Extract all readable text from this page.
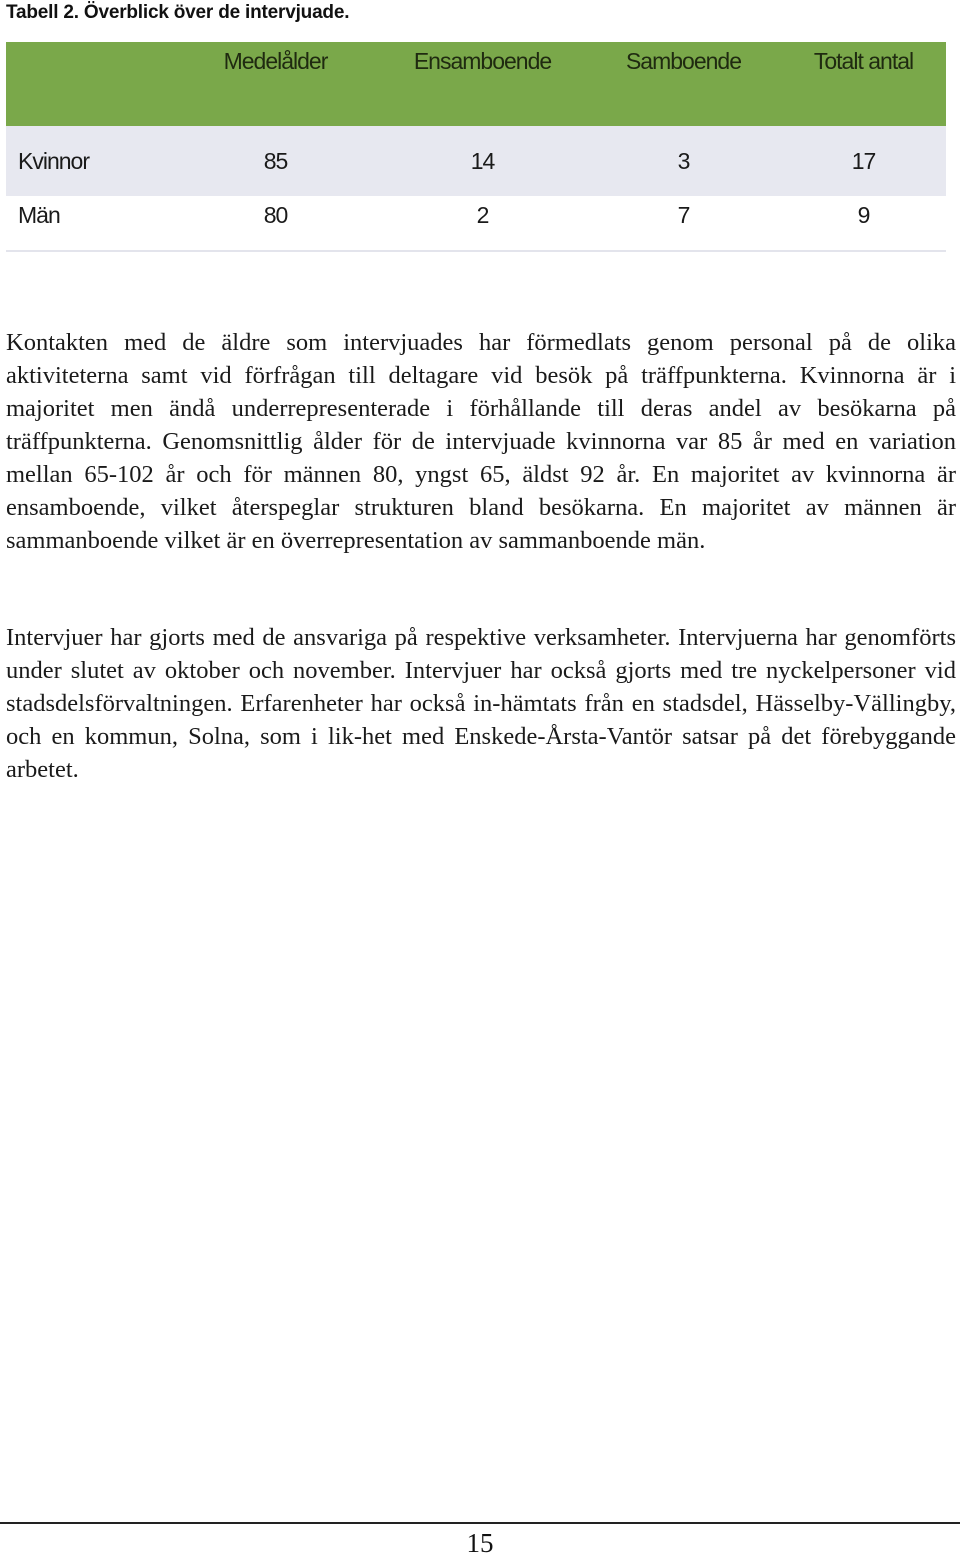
Tabell 2. Överblick över de intervjuade.
	Medelålder	Ensamboende	Samboende	Totalt antal
Kvinnor	85	14	3	17
Män	80	2	7	9

Kontakten med de äldre som intervjuades har förmedlats genom personal på de olika aktiviteterna samt vid förfrågan till deltagare vid besök på träffpunkterna. Kvinnorna är i majoritet men ändå underrepresenterade i förhållande till deras andel av besökarna på träffpunkterna. Genomsnittlig ålder för de intervjuade kvinnorna var 85 år med en variation mellan 65-102 år och för männen 80, yngst 65, äldst 92 år. En majoritet av kvinnorna är ensamboende, vilket återspeglar strukturen bland besökarna. En majoritet av männen är sammanboende vilket är en överrepresentation av sammanboende män.

Intervjuer har gjorts med de ansvariga på respektive verksamheter. Intervjuerna har genomförts under slutet av oktober och november. Intervjuer har också gjorts med tre nyckelpersoner vid stadsdelsförvaltningen. Erfarenheter har också in-hämtats från en stadsdel, Hässelby-Vällingby, och en kommun, Solna, som i lik-het med Enskede-Årsta-Vantör satsar på det förebyggande arbetet.

15
